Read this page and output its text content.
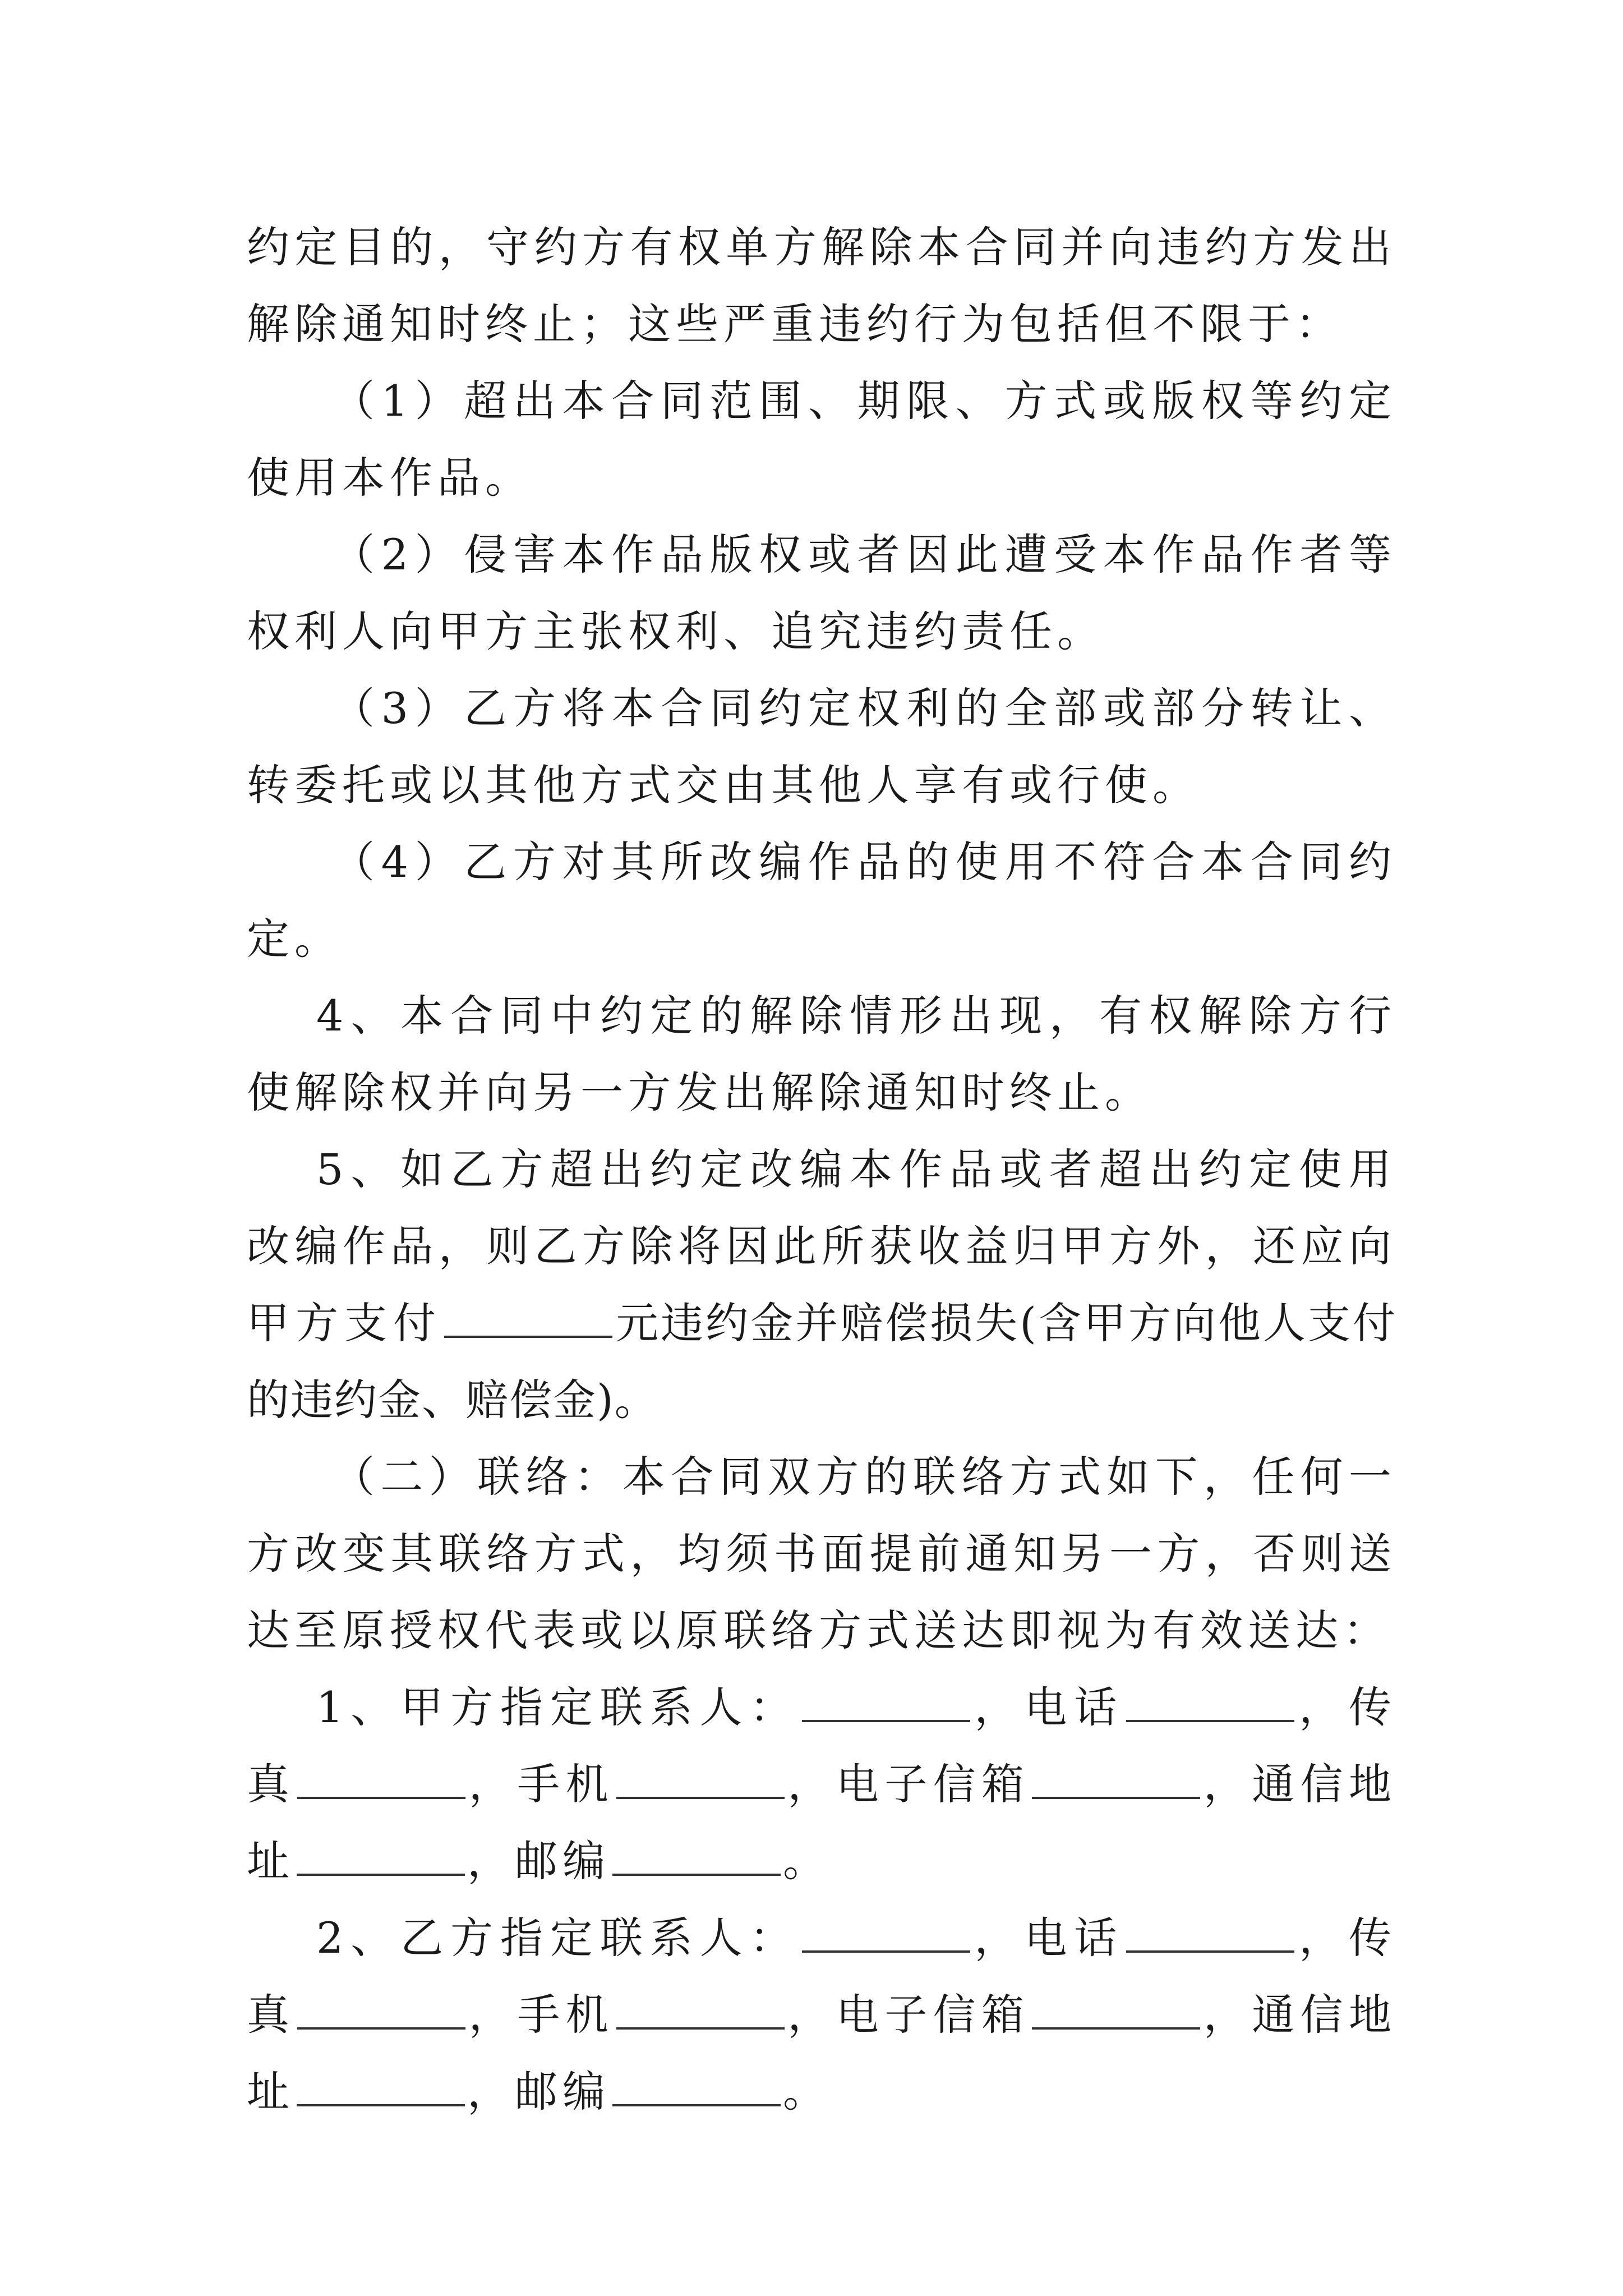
约定目的，守约方有权单方解除本合同并向违约方发出解除通知时终止；这些严重违约行为包括但不限于：

（1）超出本合同范围、期限、方式或版权等约定使用本作品。

（2）侵害本作品版权或者因此遭受本作品作者等权利人向甲方主张权利、追究违约责任。

（3）乙方将本合同约定权利的全部或部分转让、转委托或以其他方式交由其他人享有或行使。

（4）乙方对其所改编作品的使用不符合本合同约定。

4、本合同中约定的解除情形出现，有权解除方行使解除权并向另一方发出解除通知时终止。

5、如乙方超出约定改编本作品或者超出约定使用改编作品，则乙方除将因此所获收益归甲方外，还应向甲方支付	元违约金并赔偿损失(含甲方向他人支付的违约金、赔偿金)。

（二）联络：本合同双方的联络方式如下，任何一方改变其联络方式，均须书面提前通知另一方，否则送达至原授权代表或以原联络方式送达即视为有效送达：

1、甲方指定联系人：	，电话	，传真	，手机	，电子信箱	，通信地址	，邮编	。

2、乙方指定联系人：	，电话	，传真	，手机	，电子信箱	，通信地址	，邮编	。
